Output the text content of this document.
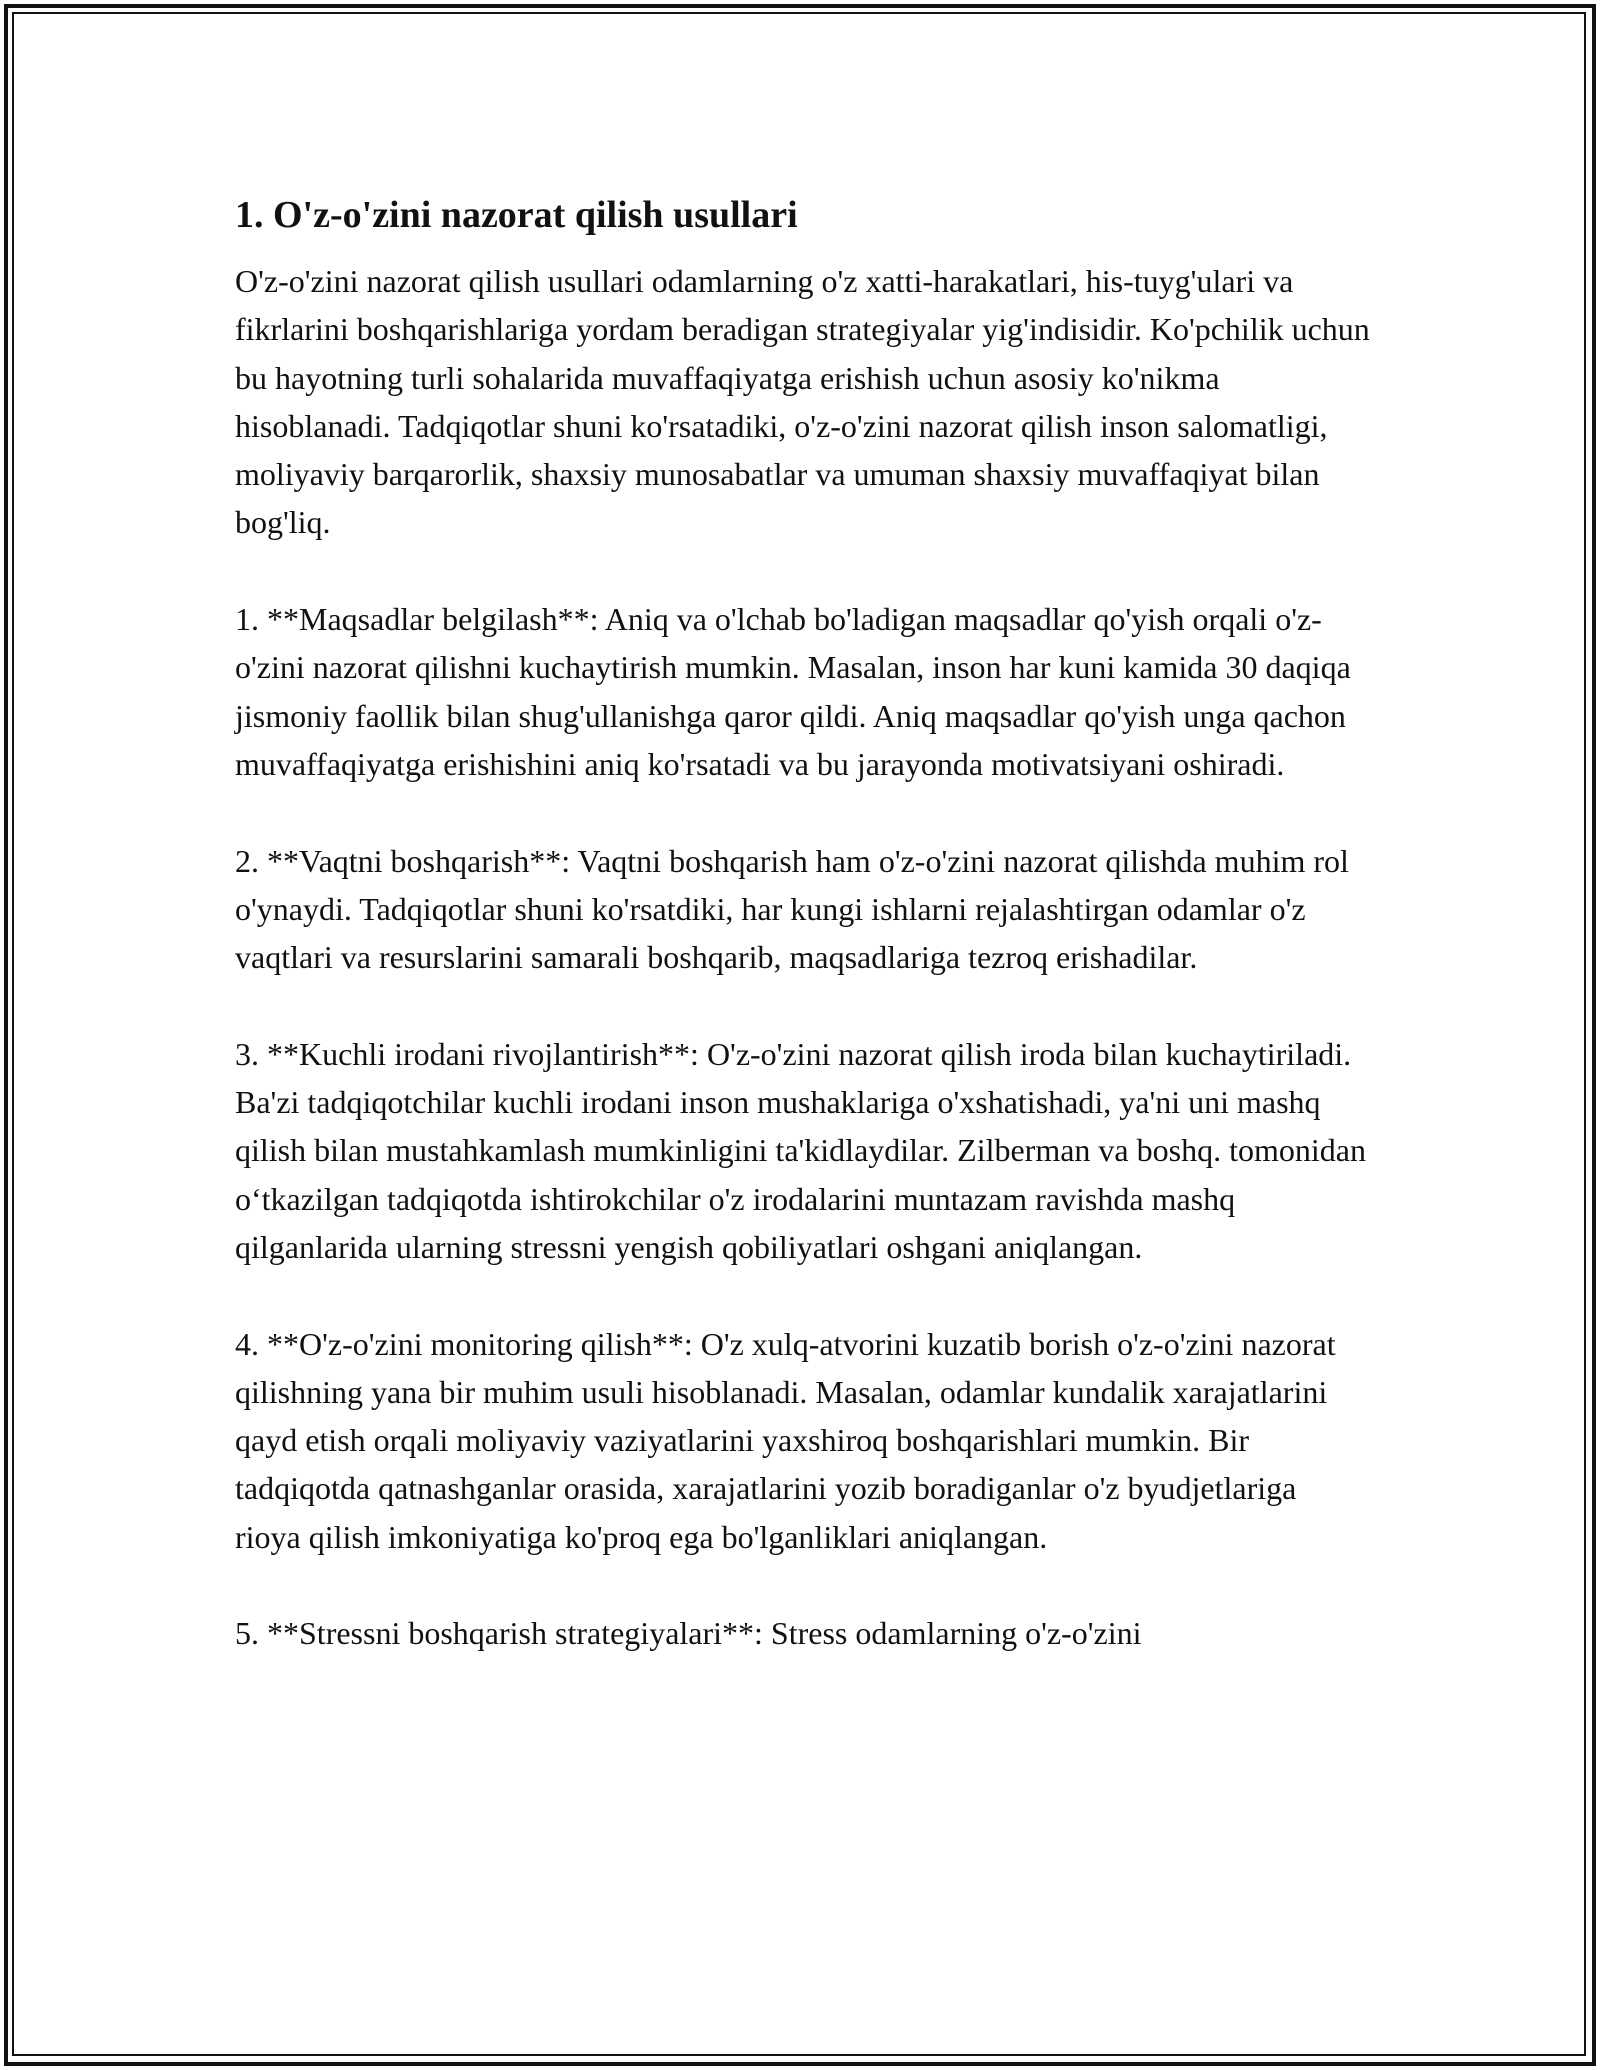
1. O'z-o'zini nazorat qilish usullari

O'z-o'zini nazorat qilish usullari odamlarning o'z xatti-harakatlari, his-tuyg'ulari va fikrlarini boshqarishlariga yordam beradigan strategiyalar yig'indisidir. Ko'pchilik uchun bu hayotning turli sohalarida muvaffaqiyatga erishish uchun asosiy ko'nikma hisoblanadi. Tadqiqotlar shuni ko'rsatadiki, o'z-o'zini nazorat qilish inson salomatligi, moliyaviy barqarorlik, shaxsiy munosabatlar va umuman shaxsiy muvaffaqiyat bilan bog'liq.

1. **Maqsadlar belgilash**: Aniq va o'lchab bo'ladigan maqsadlar qo'yish orqali o'z-o'zini nazorat qilishni kuchaytirish mumkin. Masalan, inson har kuni kamida 30 daqiqa jismoniy faollik bilan shug'ullanishga qaror qildi. Aniq maqsadlar qo'yish unga qachon muvaffaqiyatga erishishini aniq ko'rsatadi va bu jarayonda motivatsiyani oshiradi.

2. **Vaqtni boshqarish**: Vaqtni boshqarish ham o'z-o'zini nazorat qilishda muhim rol o'ynaydi. Tadqiqotlar shuni ko'rsatdiki, har kungi ishlarni rejalashtirgan odamlar o'z vaqtlari va resurslarini samarali boshqarib, maqsadlariga tezroq erishadilar.

3. **Kuchli irodani rivojlantirish**: O'z-o'zini nazorat qilish iroda bilan kuchaytiriladi. Ba'zi tadqiqotchilar kuchli irodani inson mushaklariga o'xshatishadi, ya'ni uni mashq qilish bilan mustahkamlash mumkinligini ta'kidlaydilar. Zilberman va boshq. tomonidan o‘tkazilgan tadqiqotda ishtirokchilar o'z irodalarini muntazam ravishda mashq qilganlarida ularning stressni yengish qobiliyatlari oshgani aniqlangan.

4. **O'z-o'zini monitoring qilish**: O'z xulq-atvorini kuzatib borish o'z-o'zini nazorat qilishning yana bir muhim usuli hisoblanadi. Masalan, odamlar kundalik xarajatlarini qayd etish orqali moliyaviy vaziyatlarini yaxshiroq boshqarishlari mumkin. Bir tadqiqotda qatnashganlar orasida, xarajatlarini yozib boradiganlar o'z byudjetlariga rioya qilish imkoniyatiga ko'proq ega bo'lganliklari aniqlangan.

5. **Stressni boshqarish strategiyalari**: Stress odamlarning o'z-o'zini
